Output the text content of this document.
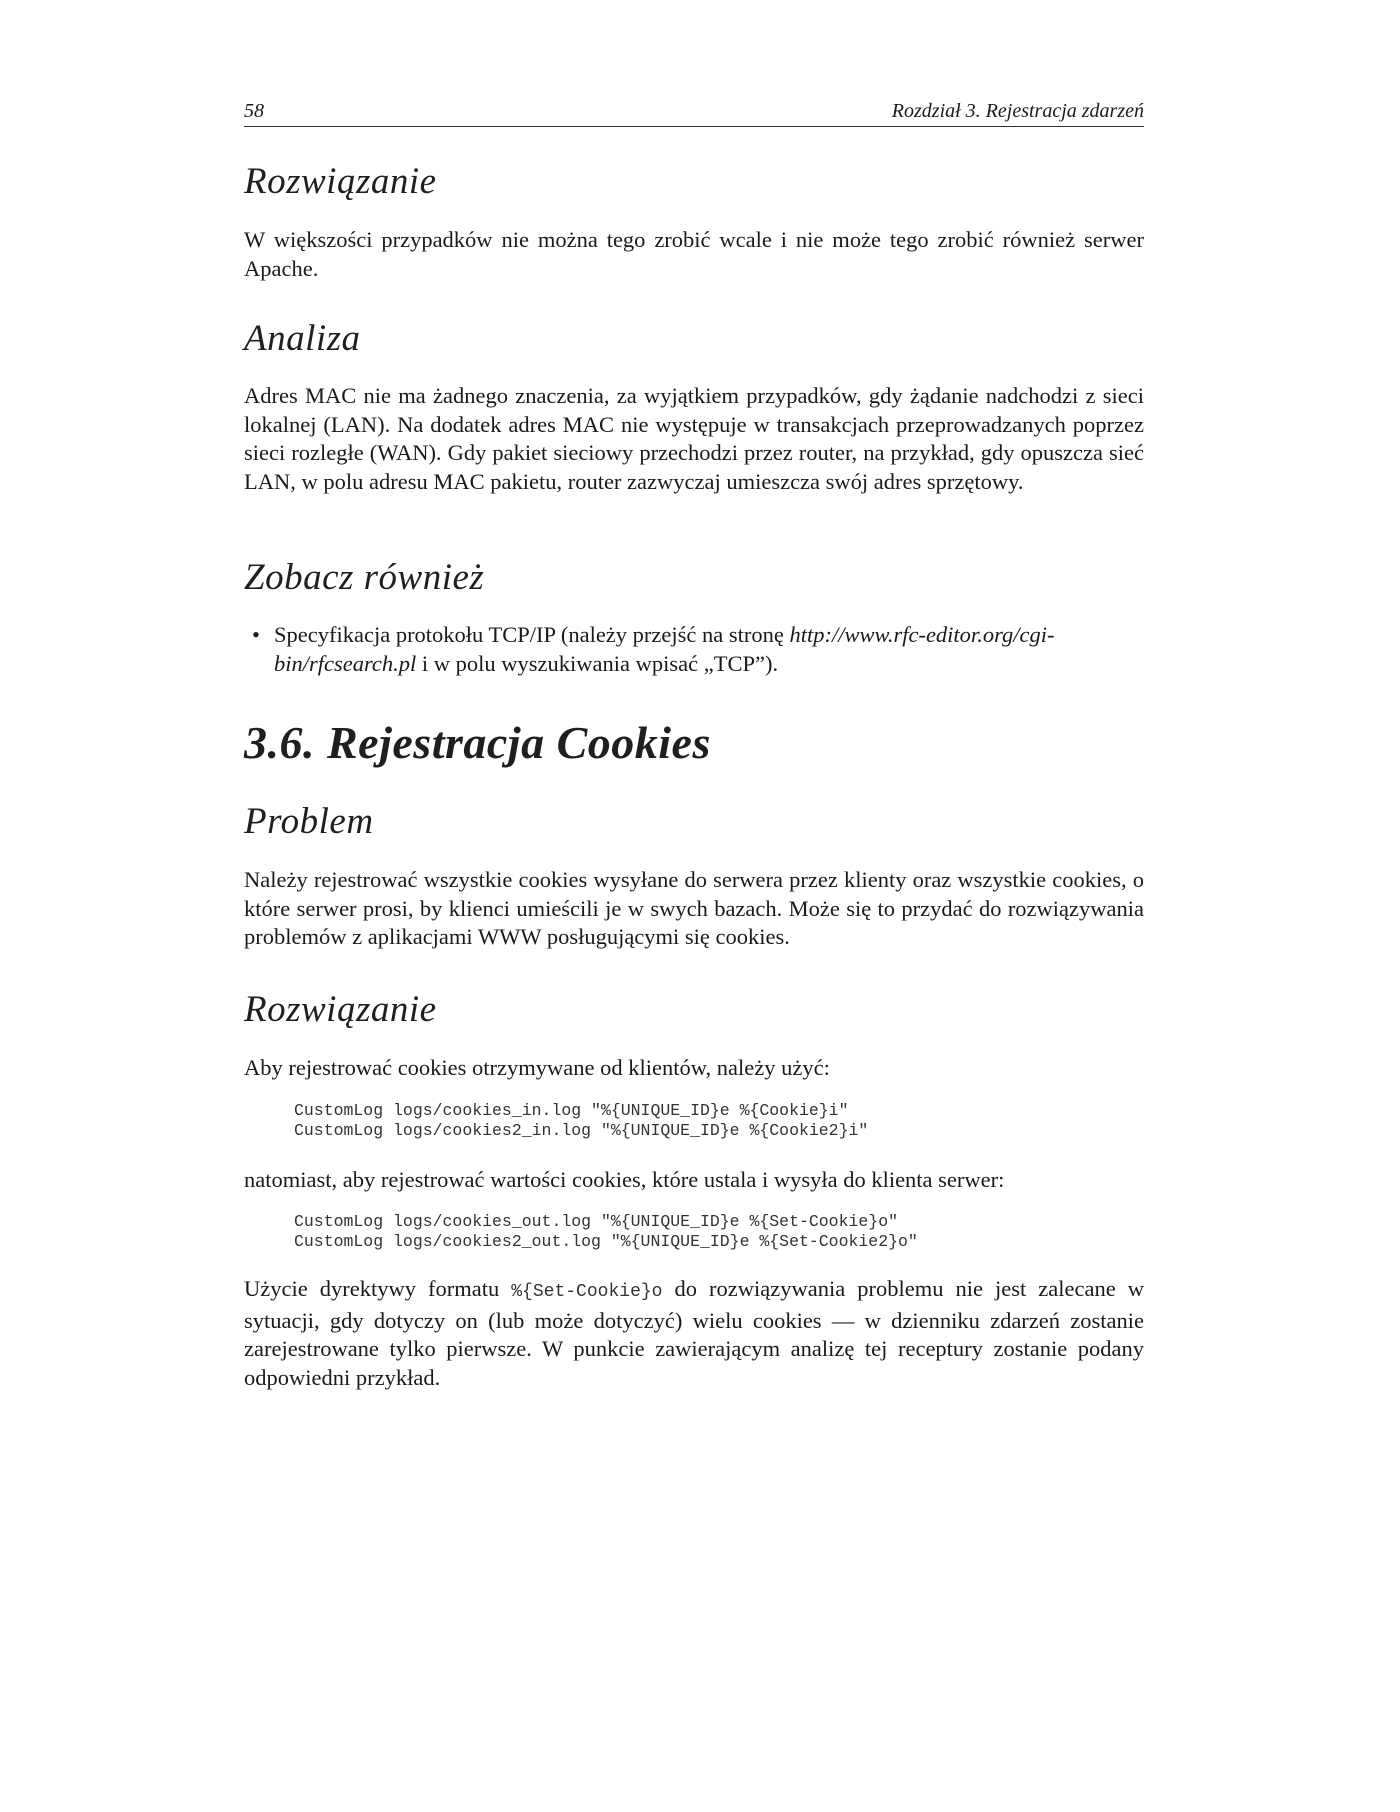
58	Rozdział 3. Rejestracja zdarzeń
Rozwiązanie
W większości przypadków nie można tego zrobić wcale i nie może tego zrobić również serwer Apache.
Analiza
Adres MAC nie ma żadnego znaczenia, za wyjątkiem przypadków, gdy żądanie nadchodzi z sieci lokalnej (LAN). Na dodatek adres MAC nie występuje w transakcjach przeprowadzanych poprzez sieci rozległe (WAN). Gdy pakiet sieciowy przechodzi przez router, na przykład, gdy opuszcza sieć LAN, w polu adresu MAC pakietu, router zazwyczaj umieszcza swój adres sprzętowy.
Zobacz również
• Specyfikacja protokołu TCP/IP (należy przejść na stronę http://www.rfc-editor.org/cgi-bin/rfcsearch.pl i w polu wyszukiwania wpisać „TCP”).
3.6. Rejestracja Cookies
Problem
Należy rejestrować wszystkie cookies wysyłane do serwera przez klienty oraz wszystkie cookies, o które serwer prosi, by klienci umieścili je w swych bazach. Może się to przydać do rozwiązywania problemów z aplikacjami WWW posługującymi się cookies.
Rozwiązanie
Aby rejestrować cookies otrzymywane od klientów, należy użyć:
CustomLog logs/cookies_in.log "%{UNIQUE_ID}e %{Cookie}i"
CustomLog logs/cookies2_in.log "%{UNIQUE_ID}e %{Cookie2}i"
natomiast, aby rejestrować wartości cookies, które ustala i wysyła do klienta serwer:
CustomLog logs/cookies_out.log "%{UNIQUE_ID}e %{Set-Cookie}o"
CustomLog logs/cookies2_out.log "%{UNIQUE_ID}e %{Set-Cookie2}o"
Użycie dyrektywy formatu %{Set-Cookie}o do rozwiązywania problemu nie jest zalecane w sytuacji, gdy dotyczy on (lub może dotyczyć) wielu cookies — w dzienniku zdarzeń zostanie zarejestrowane tylko pierwsze. W punkcie zawierającym analizę tej receptury zostanie podany odpowiedni przykład.
